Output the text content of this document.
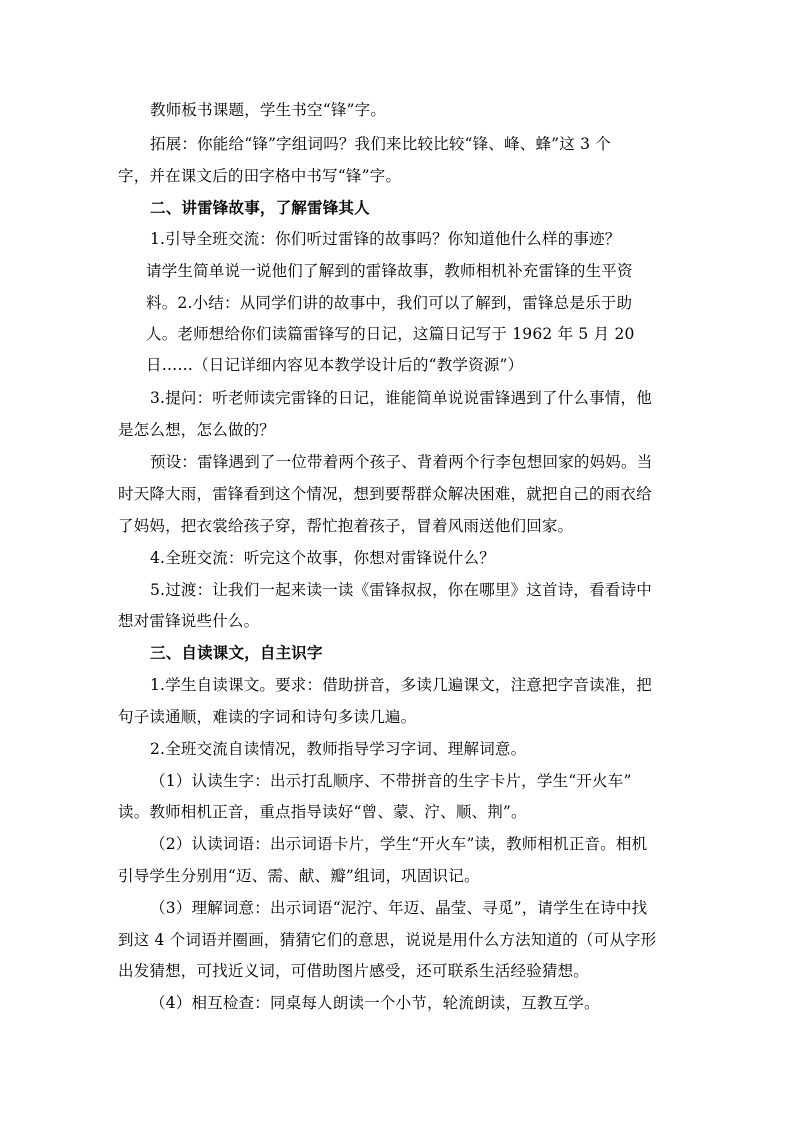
教师板书课题，学生书空“锋”字。
拓展：你能给“锋”字组词吗？我们来比较比较“锋、峰、蜂”这 3 个
字，并在课文后的田字格中书写“锋”字。
二、讲雷锋故事，了解雷锋其人
1.引导全班交流：你们听过雷锋的故事吗？你知道他什么样的事迹？
请学生简单说一说他们了解到的雷锋故事，教师相机补充雷锋的生平资
料。2.小结：从同学们讲的故事中，我们可以了解到，雷锋总是乐于助
人。老师想给你们读篇雷锋写的日记，这篇日记写于 1962 年 5 月 20
日……（日记详细内容见本教学设计后的“教学资源”）
3.提问：听老师读完雷锋的日记，谁能简单说说雷锋遇到了什么事情，他
是怎么想，怎么做的？
预设：雷锋遇到了一位带着两个孩子、背着两个行李包想回家的妈妈。当
时天降大雨，雷锋看到这个情况，想到要帮群众解决困难，就把自己的雨衣给
了妈妈，把衣裳给孩子穿，帮忙抱着孩子，冒着风雨送他们回家。
4.全班交流：听完这个故事，你想对雷锋说什么？
5.过渡：让我们一起来读一读《雷锋叔叔，你在哪里》这首诗，看看诗中
想对雷锋说些什么。
三、自读课文，自主识字
1.学生自读课文。要求：借助拼音，多读几遍课文，注意把字音读准，把
句子读通顺，难读的字词和诗句多读几遍。
2.全班交流自读情况，教师指导学习字词、理解词意。
（1）认读生字：出示打乱顺序、不带拼音的生字卡片，学生“开火车”
读。教师相机正音，重点指导读好“曾、蒙、泞、顺、荆”。
（2）认读词语：出示词语卡片，学生“开火车”读，教师相机正音。相机
引导学生分别用“迈、需、献、瓣”组词，巩固识记。
（3）理解词意：出示词语“泥泞、年迈、晶莹、寻觅”，请学生在诗中找
到这 4 个词语并圈画，猜猜它们的意思，说说是用什么方法知道的（可从字形
出发猜想，可找近义词，可借助图片感受，还可联系生活经验猜想。
（4）相互检查：同桌每人朗读一个小节，轮流朗读，互教互学。
